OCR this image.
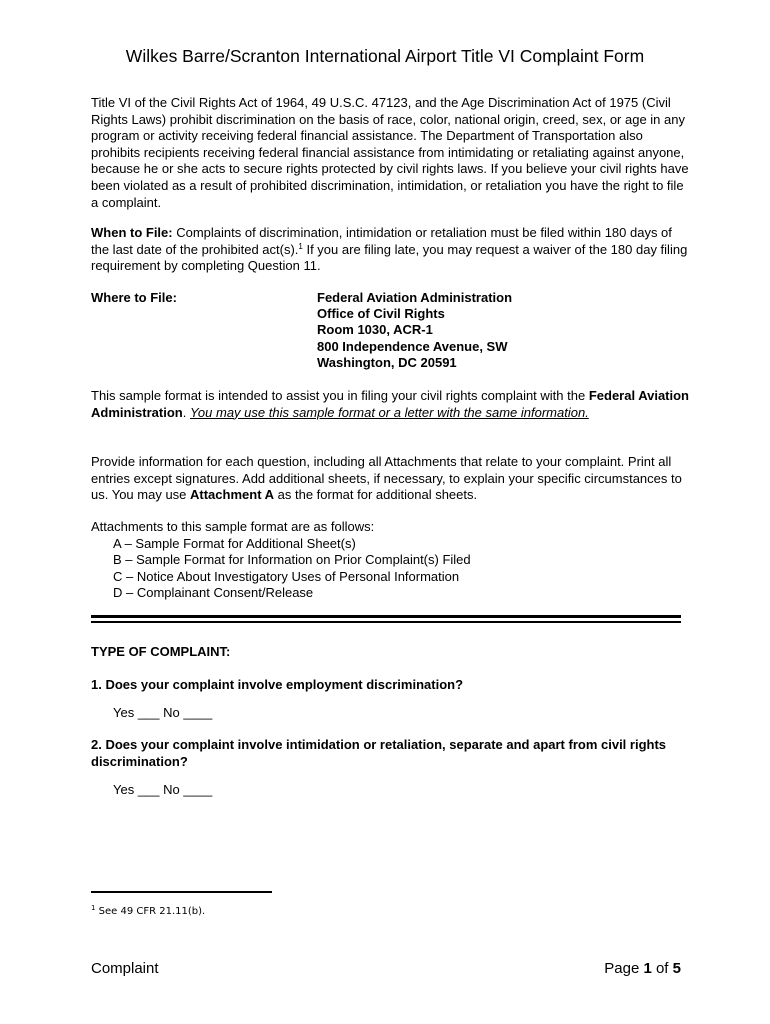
Wilkes Barre/Scranton International Airport Title VI Complaint Form

Title VI of the Civil Rights Act of 1964, 49 U.S.C. 47123, and the Age Discrimination Act of 1975 (Civil Rights Laws) prohibit discrimination on the basis of race, color, national origin, creed, sex, or age in any program or activity receiving federal financial assistance. The Department of Transportation also prohibits recipients receiving federal financial assistance from intimidating or retaliating against anyone, because he or she acts to secure rights protected by civil rights laws. If you believe your civil rights have been violated as a result of prohibited discrimination, intimidation, or retaliation you have the right to file a complaint.

When to File: Complaints of discrimination, intimidation or retaliation must be filed within 180 days of the last date of the prohibited act(s).$^1$ If you are filing late, you may request a waiver of the 180 day filing requirement by completing Question 11.

Where to File:	Federal Aviation Administration
Office of Civil Rights
Room 1030, ACR-1
800 Independence Avenue, SW
Washington, DC 20591

This sample format is intended to assist you in filing your civil rights complaint with the Federal Aviation Administration. You may use this sample format or a letter with the same information.

Provide information for each question, including all Attachments that relate to your complaint. Print all entries except signatures. Add additional sheets, if necessary, to explain your specific circumstances to us. You may use Attachment A as the format for additional sheets.

Attachments to this sample format are as follows:
A – Sample Format for Additional Sheet(s)
B – Sample Format for Information on Prior Complaint(s) Filed
C – Notice About Investigatory Uses of Personal Information
D – Complainant Consent/Release
TYPE OF COMPLAINT:
1. Does your complaint involve employment discrimination?
Yes ___ No ____
2. Does your complaint involve intimidation or retaliation, separate and apart from civil rights discrimination?
Yes ___ No ____
$^1$ See 49 CFR 21.11(b).
Complaint	Page 1 of 5
